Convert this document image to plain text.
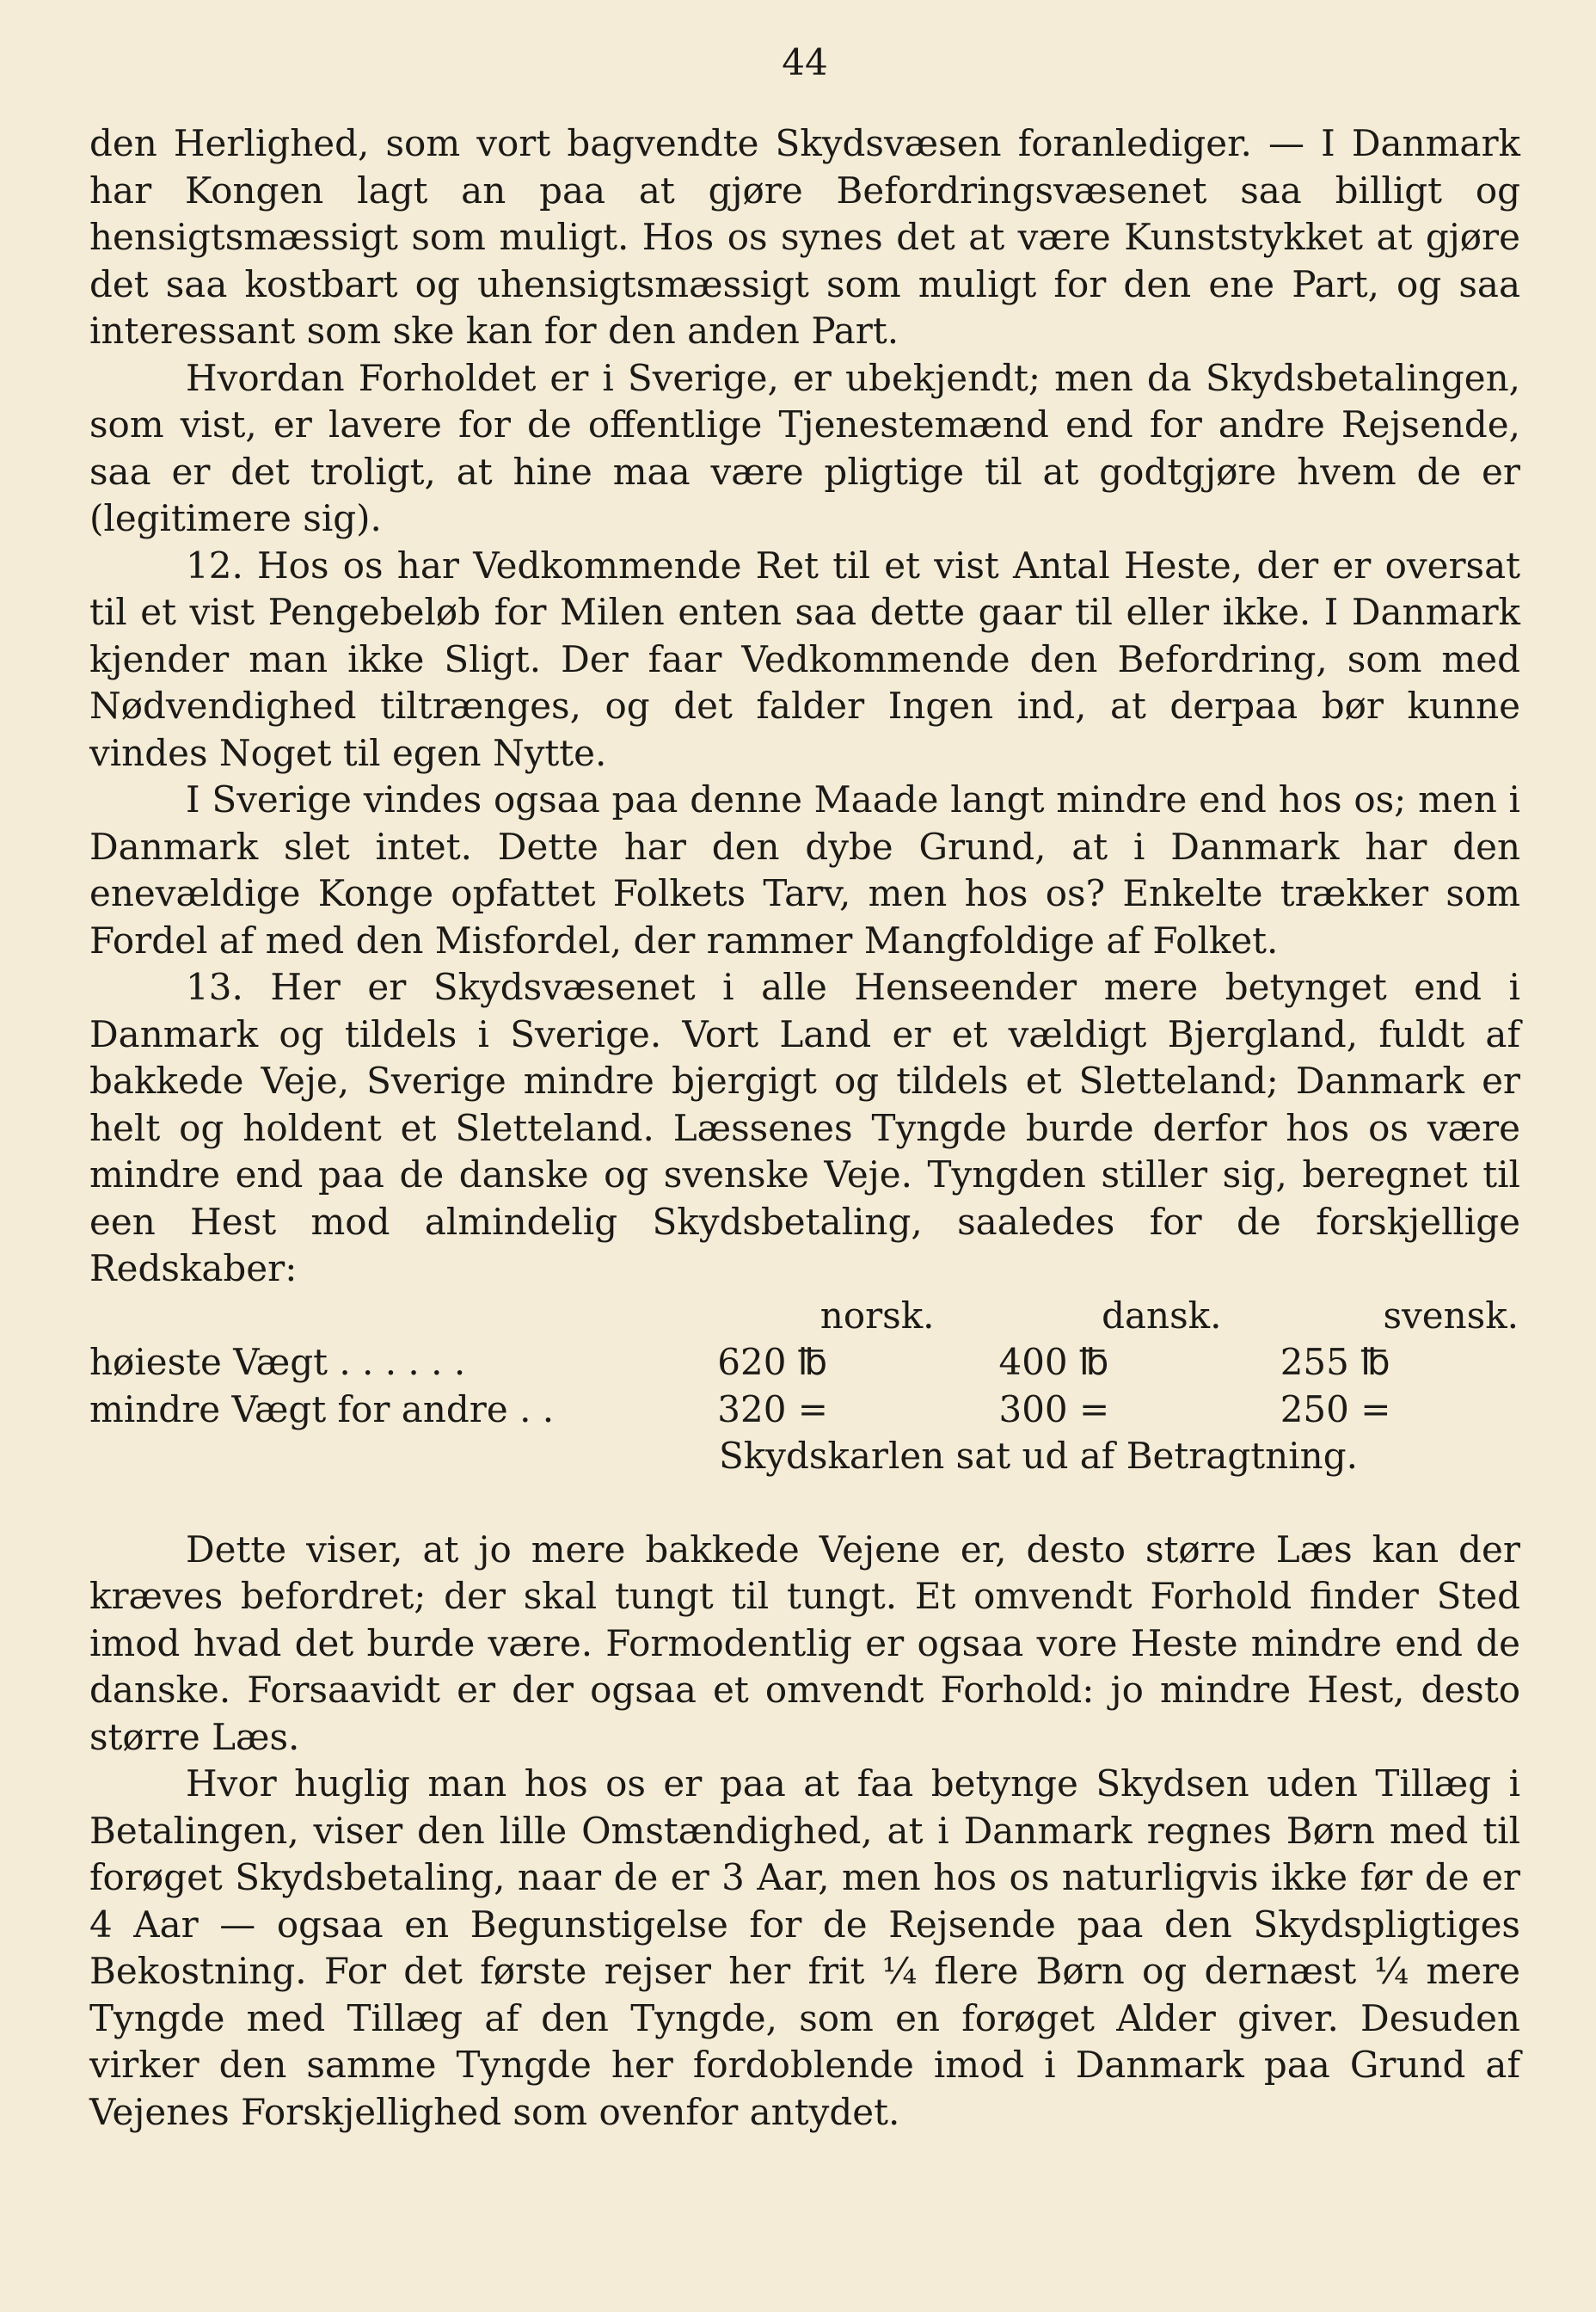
44

den Herlighed, som vort bagvendte Skydsvæsen foranlediger. — I Danmark har Kongen lagt an paa at gjøre Befordringsvæsenet saa billigt og hensigtsmæssigt som muligt. Hos os synes det at være Kunststykket at gjøre det saa kostbart og uhensigtsmæssigt som muligt for den ene Part, og saa interessant som ske kan for den anden Part.

Hvordan Forholdet er i Sverige, er ubekjendt; men da Skydsbetalingen, som vist, er lavere for de offentlige Tjenestemænd end for andre Rejsende, saa er det troligt, at hine maa være pligtige til at godtgjøre hvem de er (legitimere sig).

12. Hos os har Vedkommende Ret til et vist Antal Heste, der er oversat til et vist Pengebeløb for Milen enten saa dette gaar til eller ikke. I Danmark kjender man ikke Sligt. Der faar Vedkommende den Befordring, som med Nødvendighed tiltrænges, og det falder Ingen ind, at derpaa bør kunne vindes Noget til egen Nytte.

I Sverige vindes ogsaa paa denne Maade langt mindre end hos os; men i Danmark slet intet. Dette har den dybe Grund, at i Danmark har den enevældige Konge opfattet Folkets Tarv, men hos os? Enkelte trækker som Fordel af med den Misfordel, der rammer Mangfoldige af Folket.

13. Her er Skydsvæsenet i alle Henseender mere betynget end i Danmark og tildels i Sverige. Vort Land er et vældigt Bjergland, fuldt af bakkede Veje, Sverige mindre bjergigt og tildels et Sletteland; Danmark er helt og holdent et Sletteland. Læssenes Tyngde burde derfor hos os være mindre end paa de danske og svenske Veje. Tyngden stiller sig, beregnet til een Hest mod almindelig Skydsbetaling, saaledes for de forskjellige Redskaber:

norsk.	dansk.	svensk.
høieste Vægt . . . . . .	620 ℔	400 ℔	255 ℔
mindre Vægt for andre . .	320 =	300 =	250 =
Skydskarlen sat ud af Betragtning.

Dette viser, at jo mere bakkede Vejene er, desto større Læs kan der kræves befordret; der skal tungt til tungt. Et omvendt Forhold finder Sted imod hvad det burde være. Formodentlig er ogsaa vore Heste mindre end de danske. Forsaavidt er der ogsaa et omvendt Forhold: jo mindre Hest, desto større Læs.

Hvor huglig man hos os er paa at faa betynge Skydsen uden Tillæg i Betalingen, viser den lille Omstændighed, at i Danmark regnes Børn med til forøget Skydsbetaling, naar de er 3 Aar, men hos os naturligvis ikke før de er 4 Aar — ogsaa en Begunstigelse for de Rejsende paa den Skydspligtiges Bekostning. For det første rejser her frit ¼ flere Børn og dernæst ¼ mere Tyngde med Tillæg af den Tyngde, som en forøget Alder giver. Desuden virker den samme Tyngde her fordoblende imod i Danmark paa Grund af Vejenes Forskjellighed som ovenfor antydet.
